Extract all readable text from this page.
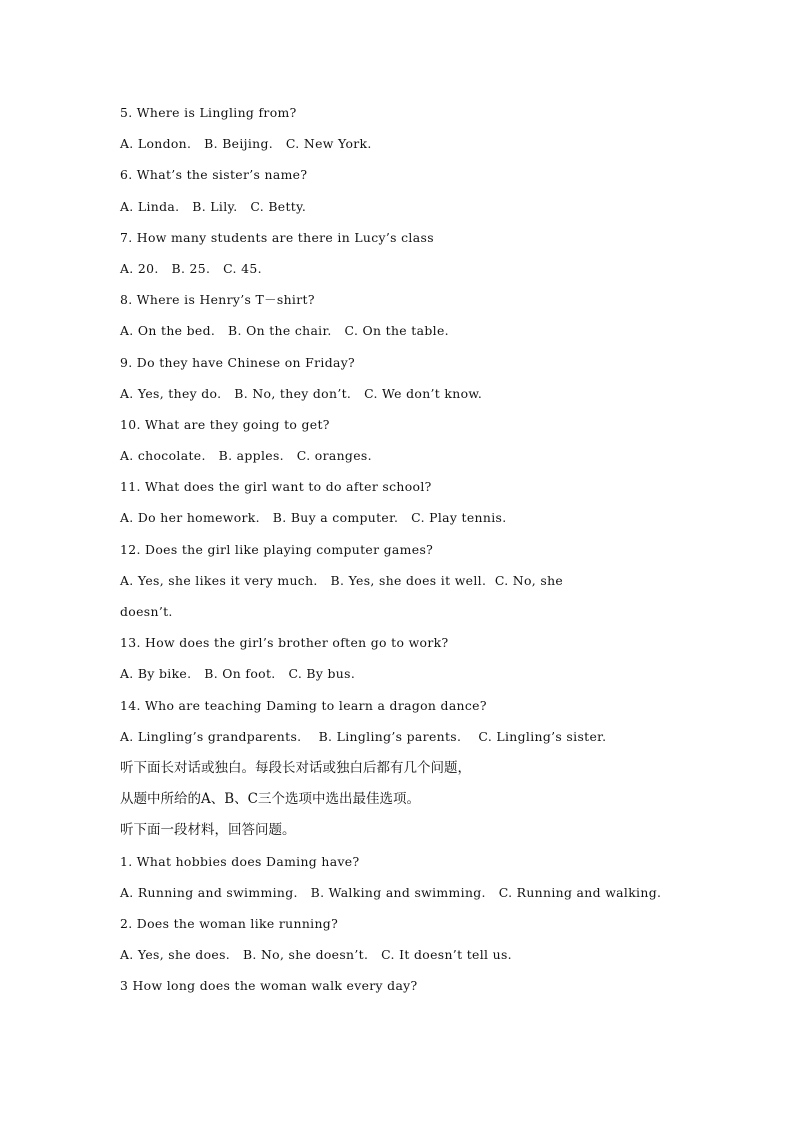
5. Where is Lingling from?
A. London.   B. Beijing.   C. New York.
6. What’s the sister’s name?
A. Linda.   B. Lily.   C. Betty.
7. How many students are there in Lucy’s class
A. 20.   B. 25.   C. 45.
8. Where is Henry’s T－shirt?
A. On the bed.   B. On the chair.   C. On the table.
9. Do they have Chinese on Friday?
A. Yes, they do.   B. No, they don’t.   C. We don’t know.
10. What are they going to get?
A. chocolate.   B. apples.   C. oranges.
11. What does the girl want to do after school?
A. Do her homework.   B. Buy a computer.   C. Play tennis.
12. Does the girl like playing computer games?
A. Yes, she likes it very much.   B. Yes, she does it well.  C. No, she
doesn’t.
13. How does the girl’s brother often go to work?
A. By bike.   B. On foot.   C. By bus.
14. Who are teaching Daming to learn a dragon dance?
A. Lingling’s grandparents.    B. Lingling’s parents.    C. Lingling’s sister.
听下面长对话或独白。每段长对话或独白后都有几个问题，
从题中所给的A、B、C三个选项中选出最佳选项。
听下面一段材料，回答问题。
1. What hobbies does Daming have?
A. Running and swimming.   B. Walking and swimming.   C. Running and walking.
2. Does the woman like running?
A. Yes, she does.   B. No, she doesn’t.   C. It doesn’t tell us.
3 How long does the woman walk every day?
